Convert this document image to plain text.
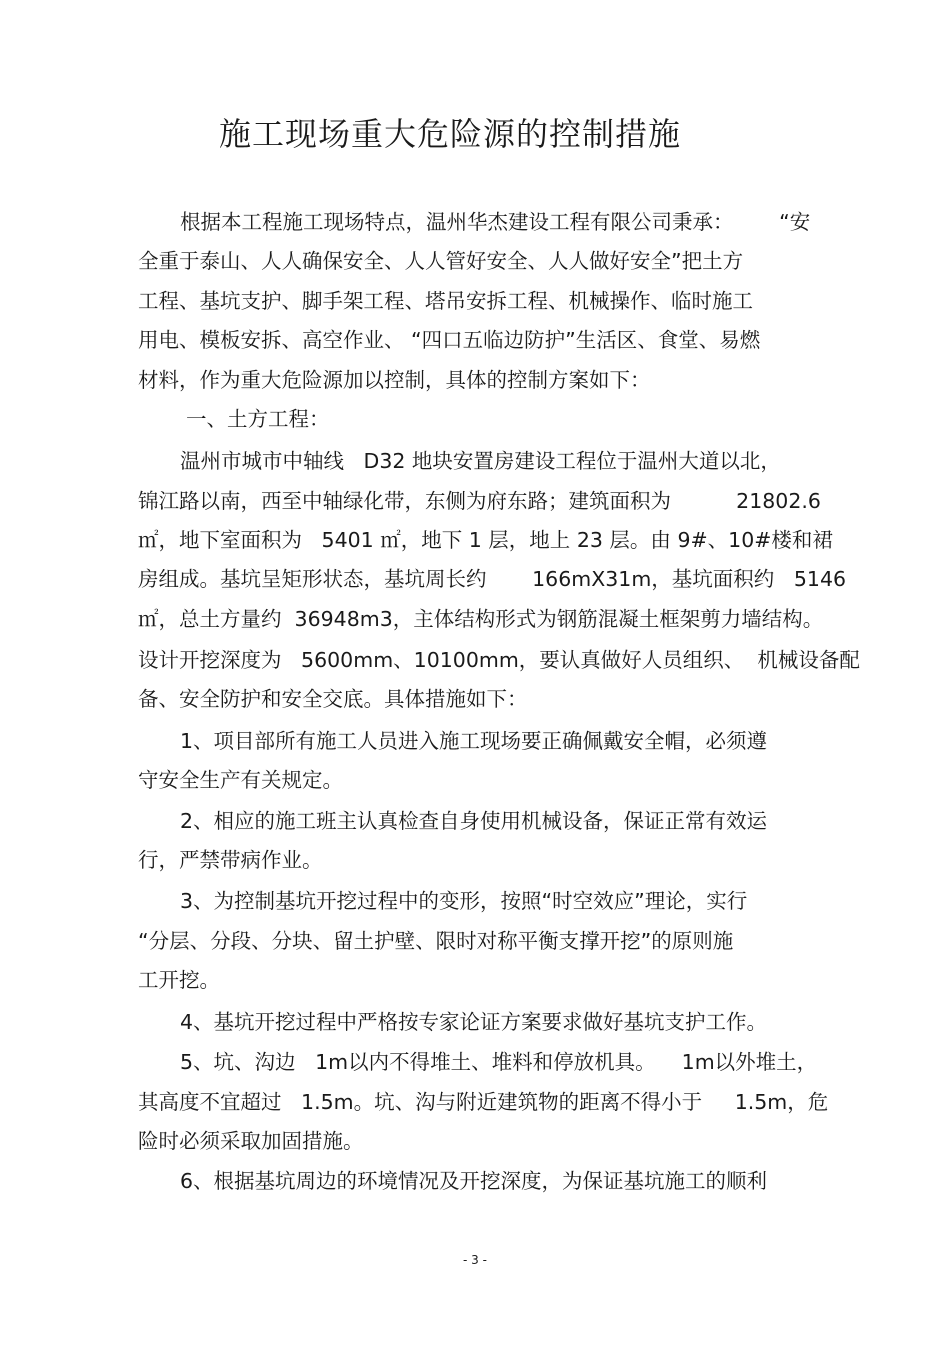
施工现场重大危险源的控制措施
根据本工程施工现场特点，温州华杰建设工程有限公司秉承：       “安
全重于泰山、人人确保安全、人人管好安全、人人做好安全”把土方
工程、基坑支护、脚手架工程、塔吊安拆工程、机械操作、临时施工
用电、模板安拆、高空作业、 “四口五临边防护”生活区、食堂、易燃
材料，作为重大危险源加以控制，具体的控制方案如下：
一、土方工程：
温州市城市中轴线   D32 地块安置房建设工程位于温州大道以北，
锦江路以南，西至中轴绿化带，东侧为府东路；建筑面积为          21802.6
㎡，地下室面积为   5401 ㎡，地下 1 层，地上 23 层。由 9#、10#楼和裙
房组成。基坑呈矩形状态，基坑周长约       166mX31m，基坑面积约   5146
㎡，总土方量约  36948m3，主体结构形式为钢筋混凝土框架剪力墙结构。
设计开挖深度为   5600mm、10100mm，要认真做好人员组织、  机械设备配
备、安全防护和安全交底。具体措施如下：
1、项目部所有施工人员进入施工现场要正确佩戴安全帽，必须遵
守安全生产有关规定。
2、相应的施工班主认真检查自身使用机械设备，保证正常有效运
行，严禁带病作业。
3、为控制基坑开挖过程中的变形，按照“时空效应”理论，实行
“分层、分段、分块、留土护壁、限时对称平衡支撑开挖”的原则施
工开挖。
4、基坑开挖过程中严格按专家论证方案要求做好基坑支护工作。
5、坑、沟边   1m以内不得堆土、堆料和停放机具。    1m以外堆土，
其高度不宜超过   1.5m。坑、沟与附近建筑物的距离不得小于     1.5m，危
险时必须采取加固措施。
6、根据基坑周边的环境情况及开挖深度，为保证基坑施工的顺利
- 3 -
